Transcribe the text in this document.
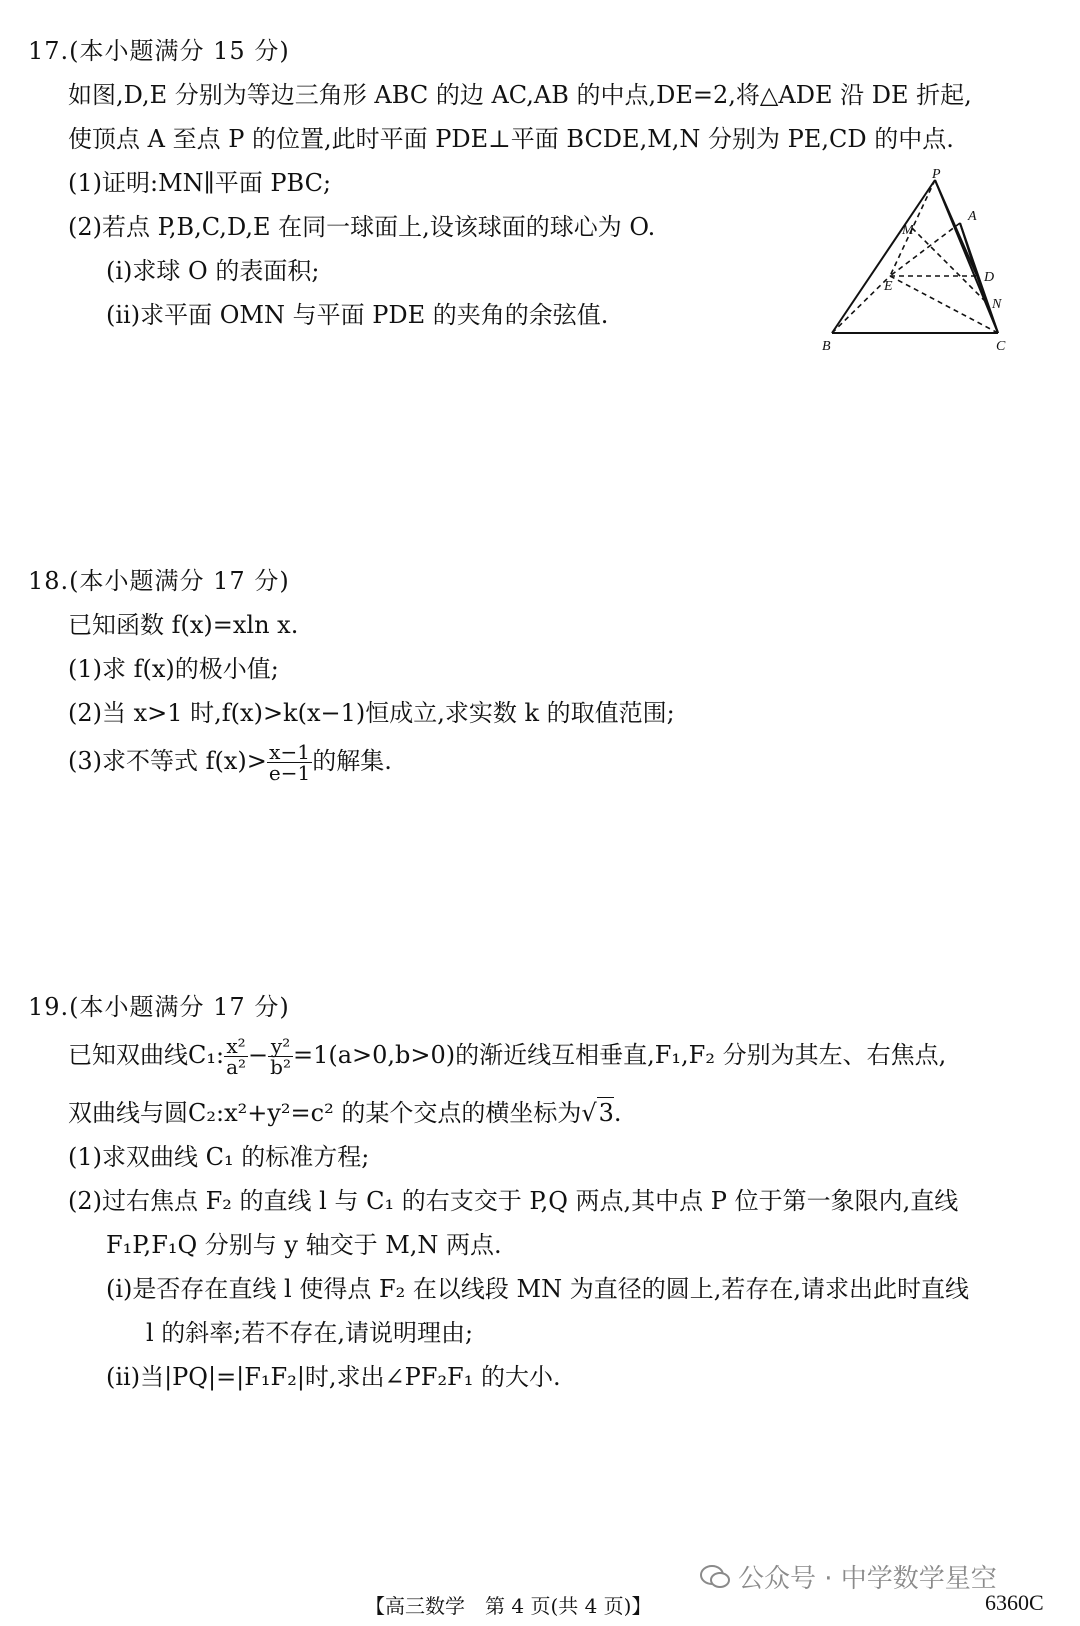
17.(本小题满分 15 分)
如图,D,E 分别为等边三角形 ABC 的边 AC,AB 的中点,DE=2,将△ADE 沿 DE 折起,
使顶点 A 至点 P 的位置,此时平面 PDE⊥平面 BCDE,M,N 分别为 PE,CD 的中点.
(1)证明:MN∥平面 PBC;
(2)若点 P,B,C,D,E 在同一球面上,设该球面的球心为 O.
(i)求球 O 的表面积;
(ii)求平面 OMN 与平面 PDE 的夹角的余弦值.
P
A
M
E
D
N
B	C
18.(本小题满分 17 分)
已知函数 f(x)=xln x.
(1)求 f(x)的极小值;
(2)当 x>1 时,f(x)>k(x−1)恒成立,求实数 k 的取值范围;
(3)求不等式 $f(x)> \frac{x-1}{e-1}$ 的解集.
19.(本小题满分 17 分)
已知双曲线C₁: $\frac{\text{x²}}{\text{a²}} - \frac{\text{y²}}{\text{b²}} =1(a>0,b>0)$的渐近线互相垂直,F₁,F₂ 分别为其左、右焦点,
双曲线与圆C₂:x²+y²=c² 的某个交点的横坐标为√3.
(1)求双曲线 C₁ 的标准方程;
(2)过右焦点 F₂ 的直线 l 与 C₁ 的右支交于 P,Q 两点,其中点 P 位于第一象限内,直线
F₁P,F₁Q 分别与 y 轴交于 M,N 两点.
(i)是否存在直线 l 使得点 F₂ 在以线段 MN 为直径的圆上,若存在,请求出此时直线
l 的斜率;若不存在,请说明理由;
(ii)当|PQ|=|F₁F₂|时,求出∠PF₂F₁ 的大小.
公众号 · 中学数学星空
【高三数学　第 4 页(共 4 页)】	6360C
